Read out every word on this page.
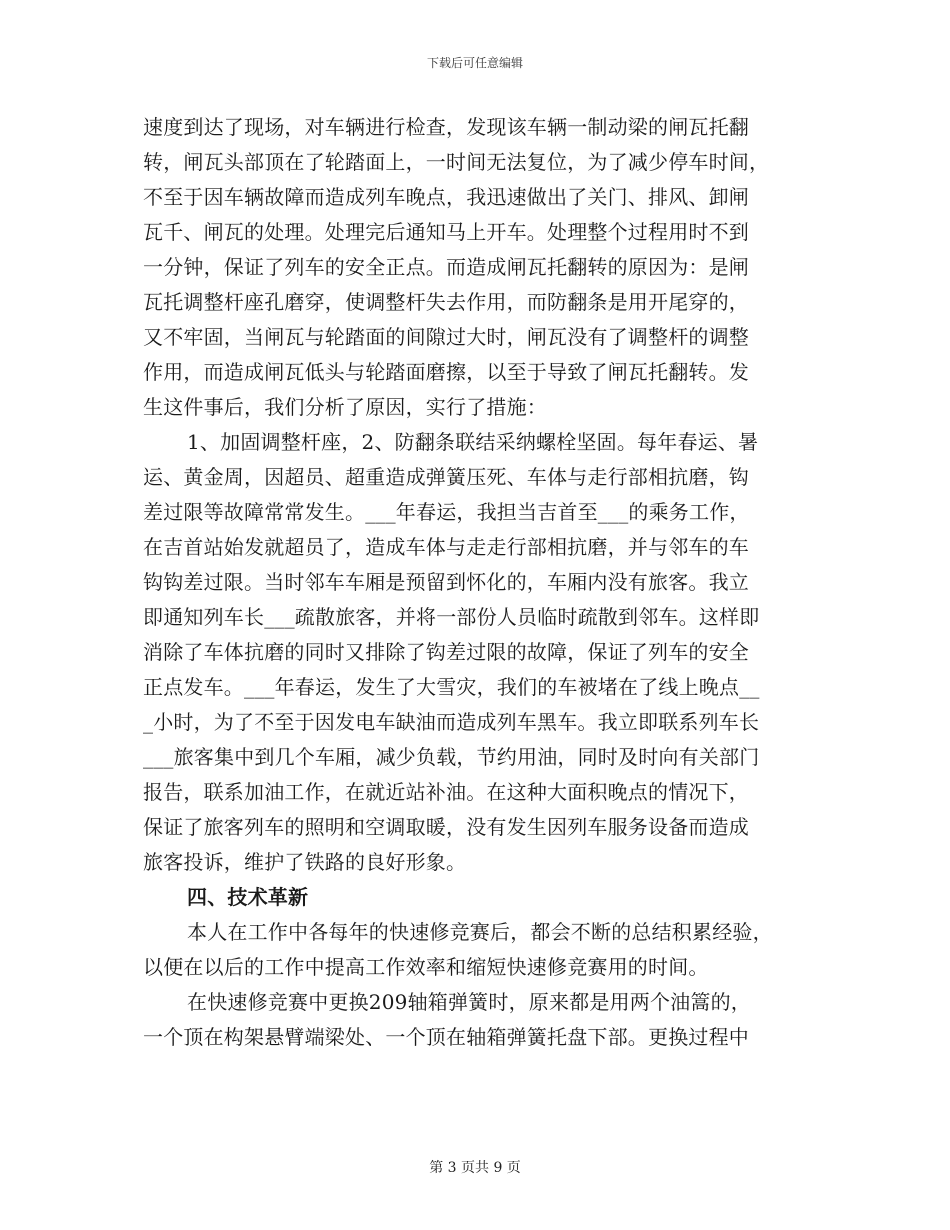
下载后可任意编辑
速度到达了现场，对车辆进行检查，发现该车辆一制动梁的闸瓦托翻
转，闸瓦头部顶在了轮踏面上，一时间无法复位，为了减少停车时间，
不至于因车辆故障而造成列车晚点，我迅速做出了关门、排风、卸闸
瓦千、闸瓦的处理。处理完后通知马上开车。处理整个过程用时不到
一分钟，保证了列车的安全正点。而造成闸瓦托翻转的原因为：是闸
瓦托调整杆座孔磨穿，使调整杆失去作用，而防翻条是用开尾穿的，
又不牢固，当闸瓦与轮踏面的间隙过大时，闸瓦没有了调整杆的调整
作用，而造成闸瓦低头与轮踏面磨擦，以至于导致了闸瓦托翻转。发
生这件事后，我们分析了原因，实行了措施：
1、加固调整杆座，2、防翻条联结采纳螺栓坚固。每年春运、暑
运、黄金周，因超员、超重造成弹簧压死、车体与走行部相抗磨，钩
差过限等故障常常发生。___年春运，我担当吉首至___的乘务工作，
在吉首站始发就超员了，造成车体与走走行部相抗磨，并与邻车的车
钩钩差过限。当时邻车车厢是预留到怀化的，车厢内没有旅客。我立
即通知列车长___疏散旅客，并将一部份人员临时疏散到邻车。这样即
消除了车体抗磨的同时又排除了钩差过限的故障，保证了列车的安全
正点发车。___年春运，发生了大雪灾，我们的车被堵在了线上晚点__
_小时，为了不至于因发电车缺油而造成列车黑车。我立即联系列车长
___旅客集中到几个车厢，减少负载，节约用油，同时及时向有关部门
报告，联系加油工作，在就近站补油。在这种大面积晚点的情况下，
保证了旅客列车的照明和空调取暖，没有发生因列车服务设备而造成
旅客投诉，维护了铁路的良好形象。
四、技术革新
本人在工作中各每年的快速修竞赛后，都会不断的总结积累经验，
以便在以后的工作中提高工作效率和缩短快速修竞赛用的时间。
在快速修竞赛中更换209轴箱弹簧时，原来都是用两个油篙的，
一个顶在构架悬臂端梁处、一个顶在轴箱弹簧托盘下部。更换过程中
第 3 页共 9 页
